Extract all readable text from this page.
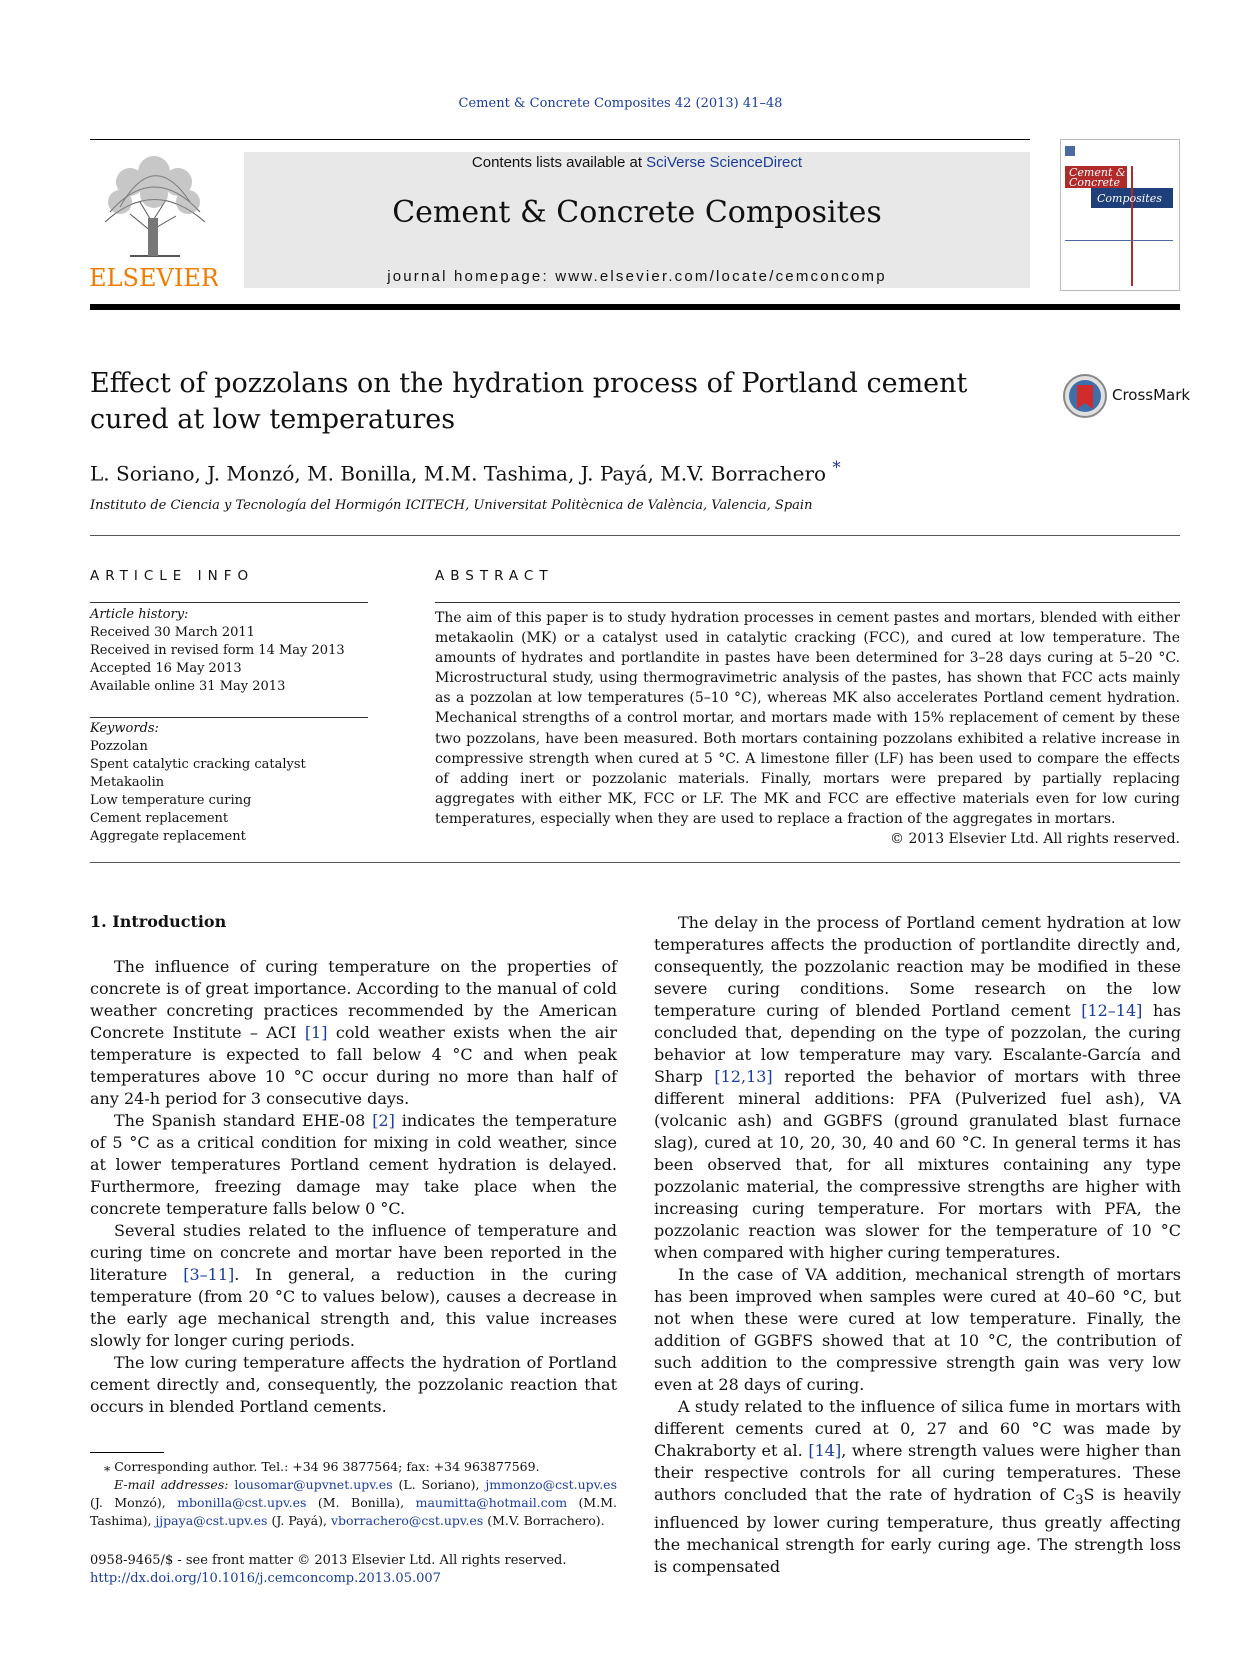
Cement & Concrete Composites 42 (2013) 41–48
ELSEVIER
Contents lists available at SciVerse ScienceDirect
Cement & Concrete Composites
journal homepage: www.elsevier.com/locate/cemconcomp
Cement &
Concrete
Composites
Effect of pozzolans on the hydration process of Portland cement cured at low temperatures
CrossMark
L. Soriano, J. Monzó, M. Bonilla, M.M. Tashima, J. Payá, M.V. Borrachero *
Instituto de Ciencia y Tecnología del Hormigón ICITECH, Universitat Politècnica de València, Valencia, Spain
ARTICLE INFO	ABSTRACT
Article history:
Received 30 March 2011
Received in revised form 14 May 2013
Accepted 16 May 2013
Available online 31 May 2013
Keywords:
Pozzolan
Spent catalytic cracking catalyst
Metakaolin
Low temperature curing
Cement replacement
Aggregate replacement
The aim of this paper is to study hydration processes in cement pastes and mortars, blended with either metakaolin (MK) or a catalyst used in catalytic cracking (FCC), and cured at low temperature. The amounts of hydrates and portlandite in pastes have been determined for 3–28 days curing at 5–20 °C. Microstructural study, using thermogravimetric analysis of the pastes, has shown that FCC acts mainly as a pozzolan at low temperatures (5–10 °C), whereas MK also accelerates Portland cement hydration. Mechanical strengths of a control mortar, and mortars made with 15% replacement of cement by these two pozzolans, have been measured. Both mortars containing pozzolans exhibited a relative increase in compressive strength when cured at 5 °C. A limestone filler (LF) has been used to compare the effects of adding inert or pozzolanic materials. Finally, mortars were prepared by partially replacing aggregates with either MK, FCC or LF. The MK and FCC are effective materials even for low curing temperatures, especially when they are used to replace a fraction of the aggregates in mortars.
© 2013 Elsevier Ltd. All rights reserved.
1. Introduction

The influence of curing temperature on the properties of concrete is of great importance. According to the manual of cold weather concreting practices recommended by the American Concrete Institute – ACI [1] cold weather exists when the air temperature is expected to fall below 4 °C and when peak temperatures above 10 °C occur during no more than half of any 24-h period for 3 consecutive days.

The Spanish standard EHE-08 [2] indicates the temperature of 5 °C as a critical condition for mixing in cold weather, since at lower temperatures Portland cement hydration is delayed. Furthermore, freezing damage may take place when the concrete temperature falls below 0 °C.

Several studies related to the influence of temperature and curing time on concrete and mortar have been reported in the literature [3–11]. In general, a reduction in the curing temperature (from 20 °C to values below), causes a decrease in the early age mechanical strength and, this value increases slowly for longer curing periods.

The low curing temperature affects the hydration of Portland cement directly and, consequently, the pozzolanic reaction that occurs in blended Portland cements.

The delay in the process of Portland cement hydration at low temperatures affects the production of portlandite directly and, consequently, the pozzolanic reaction may be modified in these severe curing conditions. Some research on the low temperature curing of blended Portland cement [12–14] has concluded that, depending on the type of pozzolan, the curing behavior at low temperature may vary. Escalante-García and Sharp [12,13] reported the behavior of mortars with three different mineral additions: PFA (Pulverized fuel ash), VA (volcanic ash) and GGBFS (ground granulated blast furnace slag), cured at 10, 20, 30, 40 and 60 °C. In general terms it has been observed that, for all mixtures containing any type pozzolanic material, the compressive strengths are higher with increasing curing temperature. For mortars with PFA, the pozzolanic reaction was slower for the temperature of 10 °C when compared with higher curing temperatures.

In the case of VA addition, mechanical strength of mortars has been improved when samples were cured at 40–60 °C, but not when these were cured at low temperature. Finally, the addition of GGBFS showed that at 10 °C, the contribution of such addition to the compressive strength gain was very low even at 28 days of curing.

A study related to the influence of silica fume in mortars with different cements cured at 0, 27 and 60 °C was made by Chakraborty et al. [14], where strength values were higher than their respective controls for all curing temperatures. These authors concluded that the rate of hydration of $C_3S$ is heavily influenced by lower curing temperature, thus greatly affecting the mechanical strength for early curing age. The strength loss is compensated

⁎ Corresponding author. Tel.: +34 96 3877564; fax: +34 963877569.
E-mail addresses: lousomar@upvnet.upv.es (L. Soriano), jmmonzo@cst.upv.es (J. Monzó), mbonilla@cst.upv.es (M. Bonilla), maumitta@hotmail.com (M.M. Tashima), jjpaya@cst.upv.es (J. Payá), vborrachero@cst.upv.es (M.V. Borrachero).
0958-9465/$ - see front matter © 2013 Elsevier Ltd. All rights reserved.
http://dx.doi.org/10.1016/j.cemconcomp.2013.05.007
